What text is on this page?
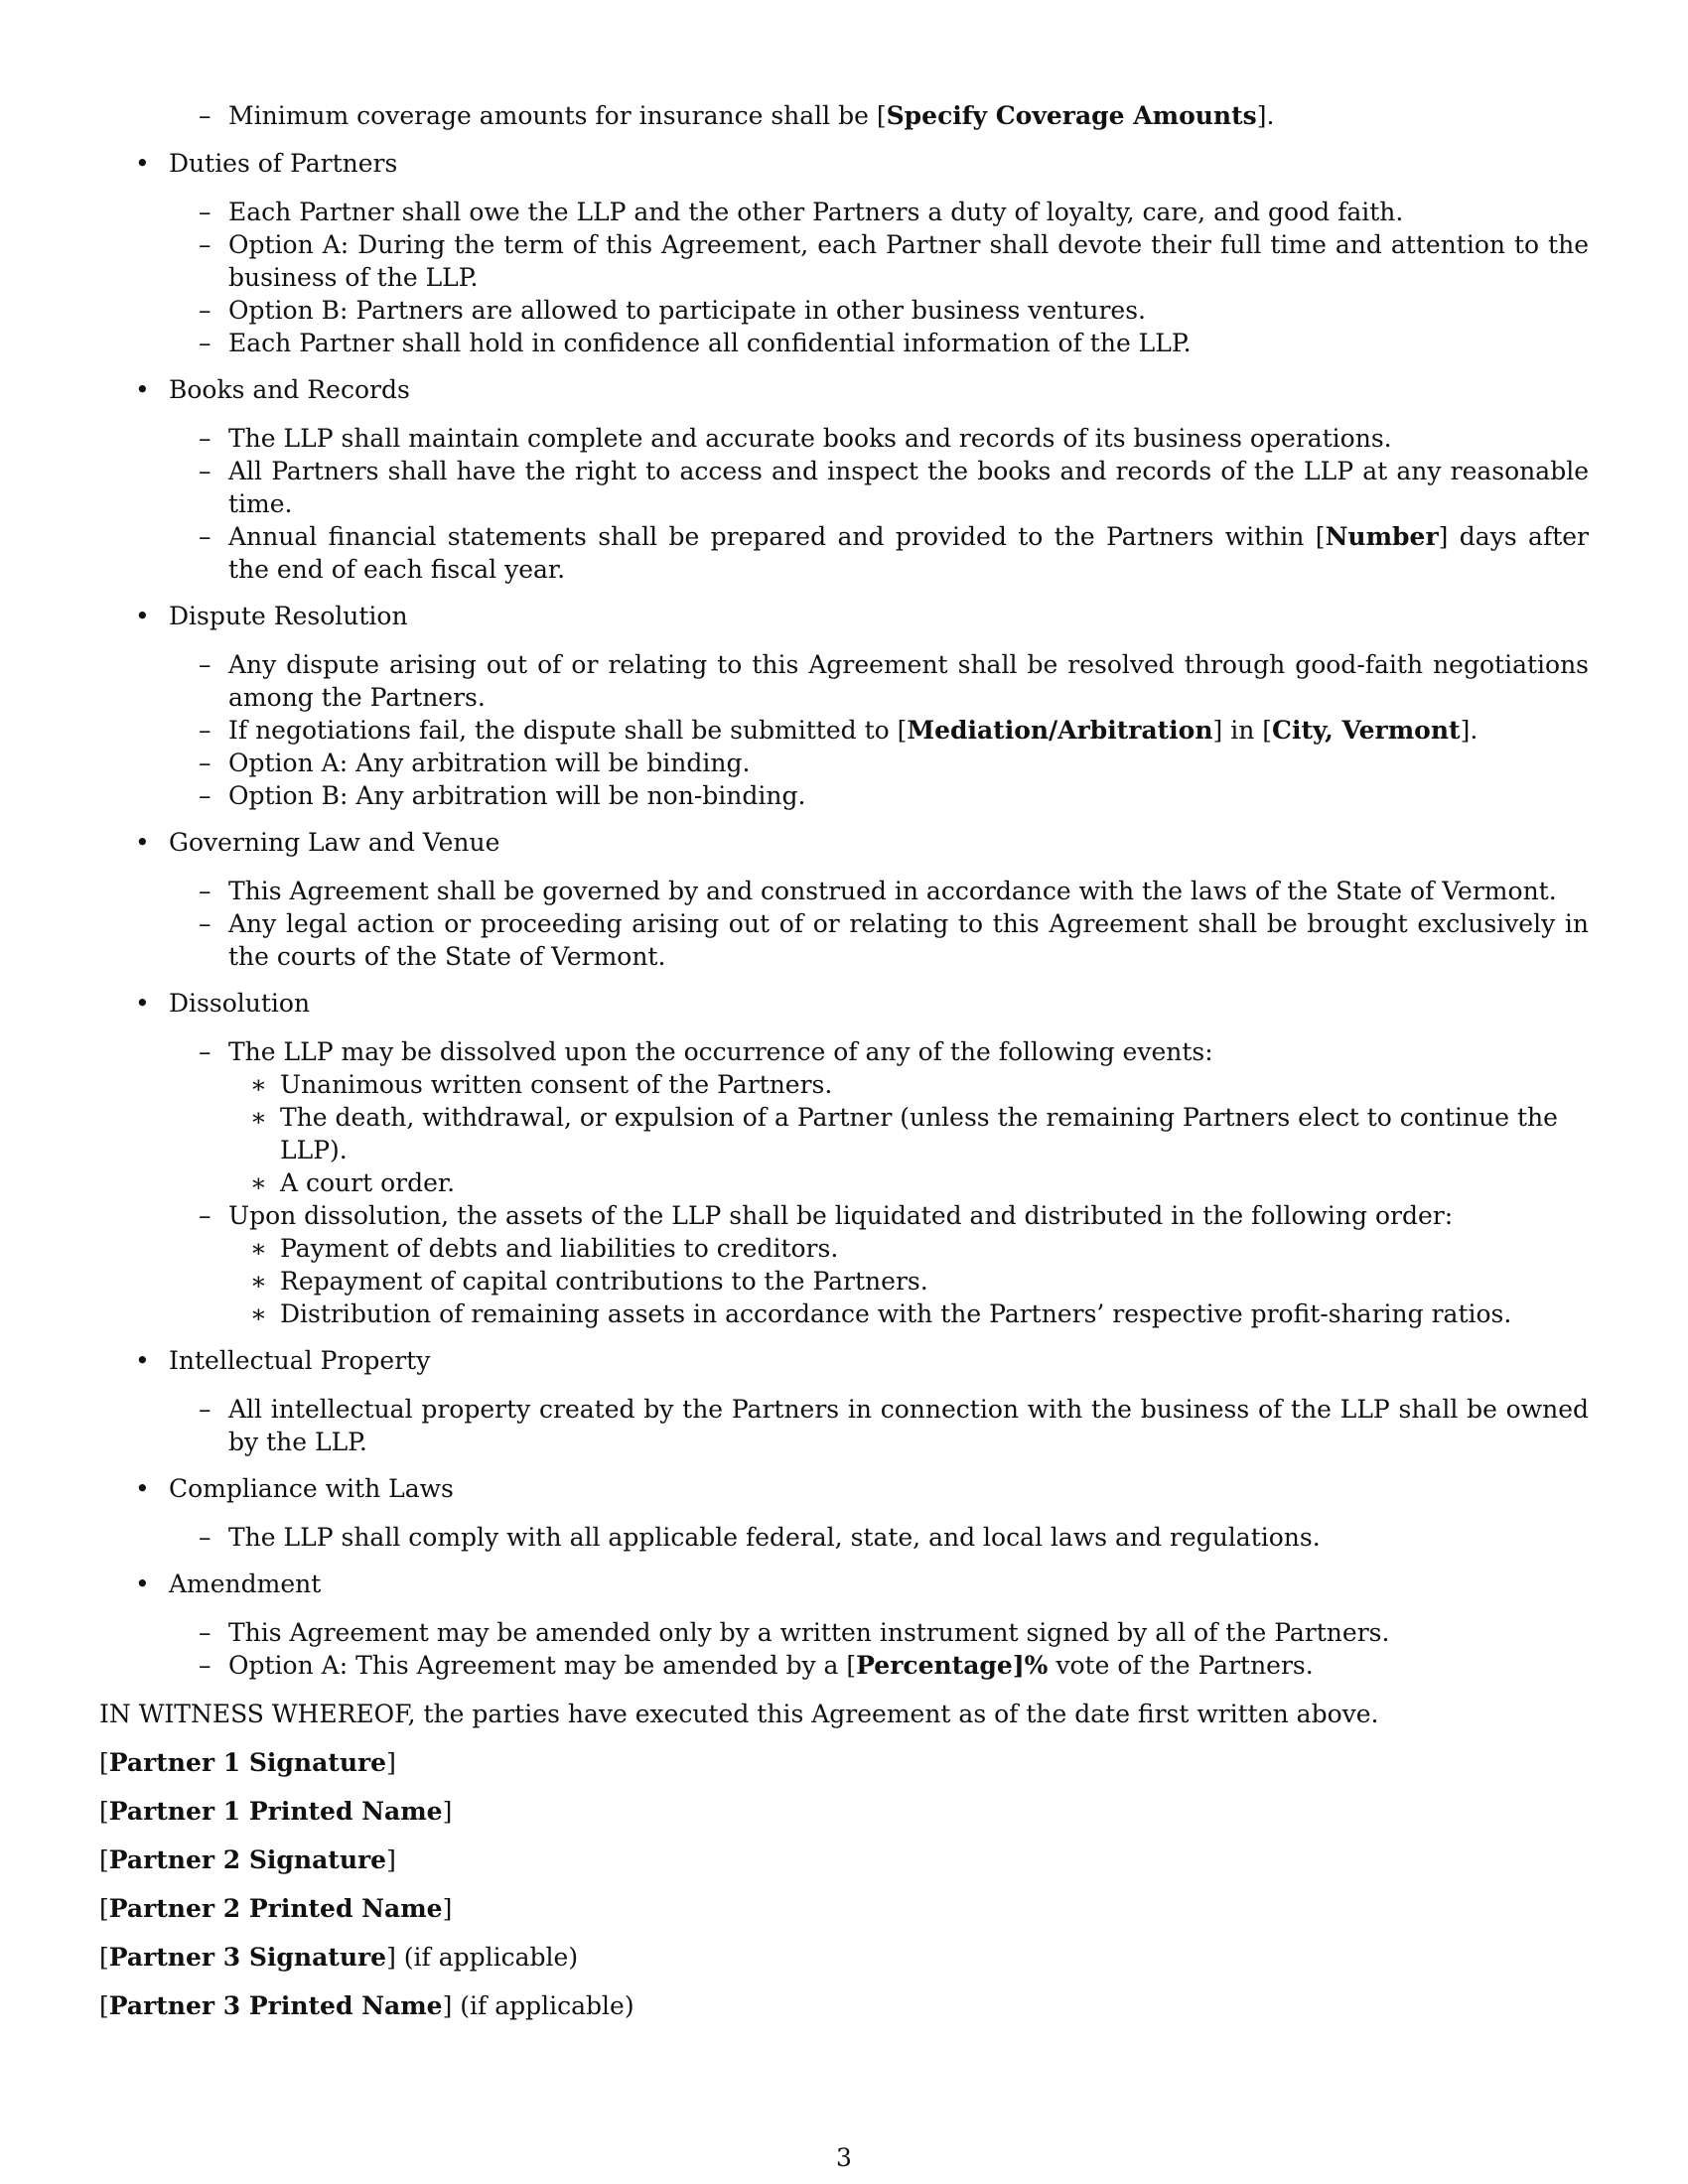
– Minimum coverage amounts for insurance shall be [Specify Coverage Amounts].
• Duties of Partners
– Each Partner shall owe the LLP and the other Partners a duty of loyalty, care, and good faith.
– Option A: During the term of this Agreement, each Partner shall devote their full time and attention to the business of the LLP.
– Option B: Partners are allowed to participate in other business ventures.
– Each Partner shall hold in confidence all confidential information of the LLP.
• Books and Records
– The LLP shall maintain complete and accurate books and records of its business operations.
– All Partners shall have the right to access and inspect the books and records of the LLP at any reasonable time.
– Annual financial statements shall be prepared and provided to the Partners within [Number] days after the end of each fiscal year.
• Dispute Resolution
– Any dispute arising out of or relating to this Agreement shall be resolved through good-faith negotiations among the Partners.
– If negotiations fail, the dispute shall be submitted to [Mediation/Arbitration] in [City, Vermont].
– Option A: Any arbitration will be binding.
– Option B: Any arbitration will be non-binding.
• Governing Law and Venue
– This Agreement shall be governed by and construed in accordance with the laws of the State of Vermont.
– Any legal action or proceeding arising out of or relating to this Agreement shall be brought exclusively in the courts of the State of Vermont.
• Dissolution
– The LLP may be dissolved upon the occurrence of any of the following events:
∗ Unanimous written consent of the Partners.
∗ The death, withdrawal, or expulsion of a Partner (unless the remaining Partners elect to continue the LLP).
∗ A court order.
– Upon dissolution, the assets of the LLP shall be liquidated and distributed in the following order:
∗ Payment of debts and liabilities to creditors.
∗ Repayment of capital contributions to the Partners.
∗ Distribution of remaining assets in accordance with the Partners’ respective profit-sharing ratios.
• Intellectual Property
– All intellectual property created by the Partners in connection with the business of the LLP shall be owned by the LLP.
• Compliance with Laws
– The LLP shall comply with all applicable federal, state, and local laws and regulations.
• Amendment
– This Agreement may be amended only by a written instrument signed by all of the Partners.
– Option A: This Agreement may be amended by a [Percentage]% vote of the Partners.
IN WITNESS WHEREOF, the parties have executed this Agreement as of the date first written above.
[Partner 1 Signature]
[Partner 1 Printed Name]
[Partner 2 Signature]
[Partner 2 Printed Name]
[Partner 3 Signature] (if applicable)
[Partner 3 Printed Name] (if applicable)
3
